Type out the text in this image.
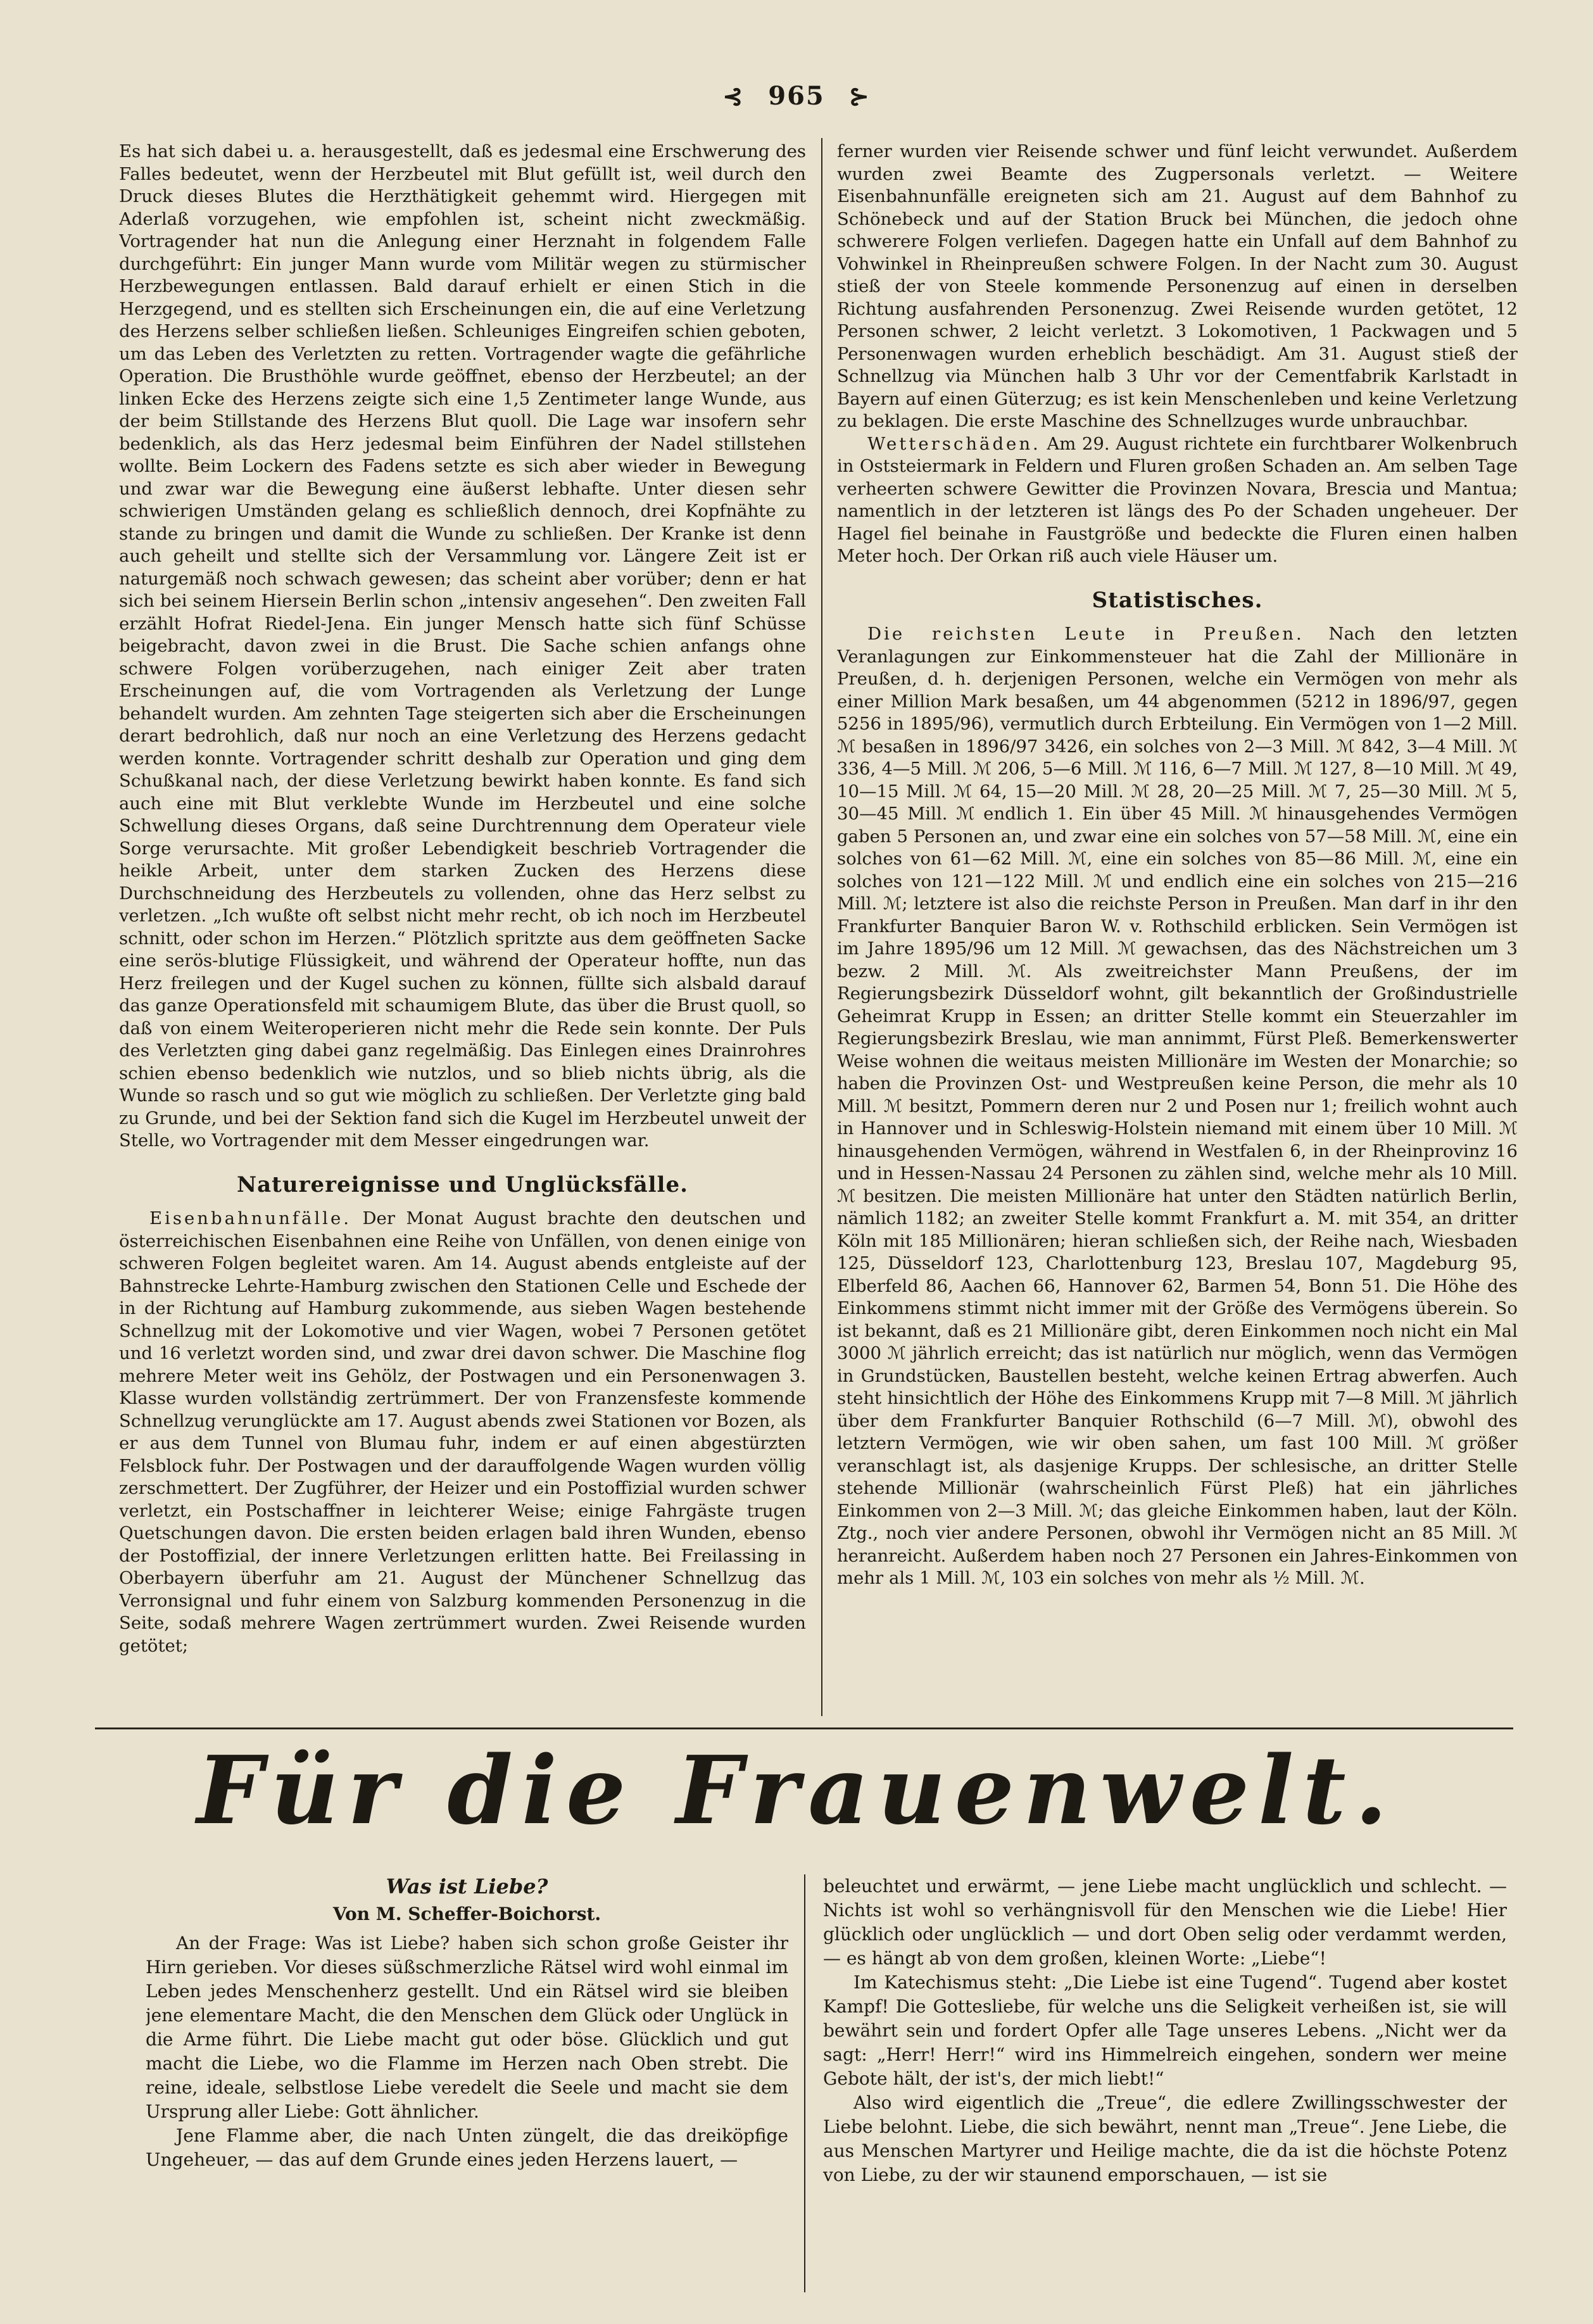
⊰ 965 ⊱

Es hat sich dabei u. a. herausgestellt, daß es jedesmal eine Erschwerung des Falles bedeutet, wenn der Herzbeutel mit Blut gefüllt ist, weil durch den Druck dieses Blutes die Herzthätigkeit gehemmt wird. Hiergegen mit Aderlaß vorzugehen, wie empfohlen ist, scheint nicht zweckmäßig. Vortragender hat nun die Anlegung einer Herznaht in folgendem Falle durchgeführt: Ein junger Mann wurde vom Militär wegen zu stürmischer Herzbewegungen entlassen. Bald darauf erhielt er einen Stich in die Herzgegend, und es stellten sich Erscheinungen ein, die auf eine Verletzung des Herzens selber schließen ließen. Schleuniges Eingreifen schien geboten, um das Leben des Verletzten zu retten. Vortragender wagte die gefährliche Operation. Die Brusthöhle wurde geöffnet, ebenso der Herzbeutel; an der linken Ecke des Herzens zeigte sich eine 1,5 Zentimeter lange Wunde, aus der beim Stillstande des Herzens Blut quoll. Die Lage war insofern sehr bedenklich, als das Herz jedesmal beim Einführen der Nadel stillstehen wollte. Beim Lockern des Fadens setzte es sich aber wieder in Bewegung und zwar war die Bewegung eine äußerst lebhafte. Unter diesen sehr schwierigen Umständen gelang es schließlich dennoch, drei Kopfnähte zu stande zu bringen und damit die Wunde zu schließen. Der Kranke ist denn auch geheilt und stellte sich der Versammlung vor. Längere Zeit ist er naturgemäß noch schwach gewesen; das scheint aber vorüber; denn er hat sich bei seinem Hiersein Berlin schon „intensiv angesehen“. Den zweiten Fall erzählt Hofrat Riedel-Jena. Ein junger Mensch hatte sich fünf Schüsse beigebracht, davon zwei in die Brust. Die Sache schien anfangs ohne schwere Folgen vorüberzugehen, nach einiger Zeit aber traten Erscheinungen auf, die vom Vortragenden als Verletzung der Lunge behandelt wurden. Am zehnten Tage steigerten sich aber die Erscheinungen derart bedrohlich, daß nur noch an eine Verletzung des Herzens gedacht werden konnte. Vortragender schritt deshalb zur Operation und ging dem Schußkanal nach, der diese Verletzung bewirkt haben konnte. Es fand sich auch eine mit Blut verklebte Wunde im Herzbeutel und eine solche Schwellung dieses Organs, daß seine Durchtrennung dem Operateur viele Sorge verursachte. Mit großer Lebendigkeit beschrieb Vortragender die heikle Arbeit, unter dem starken Zucken des Herzens diese Durchschneidung des Herzbeutels zu vollenden, ohne das Herz selbst zu verletzen. „Ich wußte oft selbst nicht mehr recht, ob ich noch im Herzbeutel schnitt, oder schon im Herzen.“ Plötzlich spritzte aus dem geöffneten Sacke eine serös-blutige Flüssigkeit, und während der Operateur hoffte, nun das Herz freilegen und der Kugel suchen zu können, füllte sich alsbald darauf das ganze Operationsfeld mit schaumigem Blute, das über die Brust quoll, so daß von einem Weiteroperieren nicht mehr die Rede sein konnte. Der Puls des Verletzten ging dabei ganz regelmäßig. Das Einlegen eines Drainrohres schien ebenso bedenklich wie nutzlos, und so blieb nichts übrig, als die Wunde so rasch und so gut wie möglich zu schließen. Der Verletzte ging bald zu Grunde, und bei der Sektion fand sich die Kugel im Herzbeutel unweit der Stelle, wo Vortragender mit dem Messer eingedrungen war.

Naturereignisse und Unglücksfälle.

Eisenbahnunfälle. Der Monat August brachte den deutschen und österreichischen Eisenbahnen eine Reihe von Unfällen, von denen einige von schweren Folgen begleitet waren. Am 14. August abends entgleiste auf der Bahnstrecke Lehrte-Hamburg zwischen den Stationen Celle und Eschede der in der Richtung auf Hamburg zukommende, aus sieben Wagen bestehende Schnellzug mit der Lokomotive und vier Wagen, wobei 7 Personen getötet und 16 verletzt worden sind, und zwar drei davon schwer. Die Maschine flog mehrere Meter weit ins Gehölz, der Postwagen und ein Personenwagen 3. Klasse wurden vollständig zertrümmert. Der von Franzensfeste kommende Schnellzug verunglückte am 17. August abends zwei Stationen vor Bozen, als er aus dem Tunnel von Blumau fuhr, indem er auf einen abgestürzten Felsblock fuhr. Der Postwagen und der darauffolgende Wagen wurden völlig zerschmettert. Der Zugführer, der Heizer und ein Postoffizial wurden schwer verletzt, ein Postschaffner in leichterer Weise; einige Fahrgäste trugen Quetschungen davon. Die ersten beiden erlagen bald ihren Wunden, ebenso der Postoffizial, der innere Verletzungen erlitten hatte. Bei Freilassing in Oberbayern überfuhr am 21. August der Münchener Schnellzug das Verronsignal und fuhr einem von Salzburg kommenden Personenzug in die Seite, sodaß mehrere Wagen zertrümmert wurden. Zwei Reisende wurden getötet;

ferner wurden vier Reisende schwer und fünf leicht verwundet. Außerdem wurden zwei Beamte des Zugpersonals verletzt. — Weitere Eisenbahnunfälle ereigneten sich am 21. August auf dem Bahnhof zu Schönebeck und auf der Station Bruck bei München, die jedoch ohne schwerere Folgen verliefen. Dagegen hatte ein Unfall auf dem Bahnhof zu Vohwinkel in Rheinpreußen schwere Folgen. In der Nacht zum 30. August stieß der von Steele kommende Personenzug auf einen in derselben Richtung ausfahrenden Personenzug. Zwei Reisende wurden getötet, 12 Personen schwer, 2 leicht verletzt. 3 Lokomotiven, 1 Packwagen und 5 Personenwagen wurden erheblich beschädigt. Am 31. August stieß der Schnellzug via München halb 3 Uhr vor der Cementfabrik Karlstadt in Bayern auf einen Güterzug; es ist kein Menschenleben und keine Verletzung zu beklagen. Die erste Maschine des Schnellzuges wurde unbrauchbar.

Wetterschäden. Am 29. August richtete ein furchtbarer Wolkenbruch in Oststeiermark in Feldern und Fluren großen Schaden an. Am selben Tage verheerten schwere Gewitter die Provinzen Novara, Brescia und Mantua; namentlich in der letzteren ist längs des Po der Schaden ungeheuer. Der Hagel fiel beinahe in Faustgröße und bedeckte die Fluren einen halben Meter hoch. Der Orkan riß auch viele Häuser um.

Statistisches.

Die reichsten Leute in Preußen. Nach den letzten Veranlagungen zur Einkommensteuer hat die Zahl der Millionäre in Preußen, d. h. derjenigen Personen, welche ein Vermögen von mehr als einer Million Mark besaßen, um 44 abgenommen (5212 in 1896/97, gegen 5256 in 1895/96), vermutlich durch Erbteilung. Ein Vermögen von 1—2 Mill. ℳ besaßen in 1896/97 3426, ein solches von 2—3 Mill. ℳ 842, 3—4 Mill. ℳ 336, 4—5 Mill. ℳ 206, 5—6 Mill. ℳ 116, 6—7 Mill. ℳ 127, 8—10 Mill. ℳ 49, 10—15 Mill. ℳ 64, 15—20 Mill. ℳ 28, 20—25 Mill. ℳ 7, 25—30 Mill. ℳ 5, 30—45 Mill. ℳ endlich 1. Ein über 45 Mill. ℳ hinausgehendes Vermögen gaben 5 Personen an, und zwar eine ein solches von 57—58 Mill. ℳ, eine ein solches von 61—62 Mill. ℳ, eine ein solches von 85—86 Mill. ℳ, eine ein solches von 121—122 Mill. ℳ und endlich eine ein solches von 215—216 Mill. ℳ; letztere ist also die reichste Person in Preußen. Man darf in ihr den Frankfurter Banquier Baron W. v. Rothschild erblicken. Sein Vermögen ist im Jahre 1895/96 um 12 Mill. ℳ gewachsen, das des Nächstreichen um 3 bezw. 2 Mill. ℳ. Als zweitreichster Mann Preußens, der im Regierungsbezirk Düsseldorf wohnt, gilt bekanntlich der Großindustrielle Geheimrat Krupp in Essen; an dritter Stelle kommt ein Steuerzahler im Regierungsbezirk Breslau, wie man annimmt, Fürst Pleß. Bemerkenswerter Weise wohnen die weitaus meisten Millionäre im Westen der Monarchie; so haben die Provinzen Ost- und Westpreußen keine Person, die mehr als 10 Mill. ℳ besitzt, Pommern deren nur 2 und Posen nur 1; freilich wohnt auch in Hannover und in Schleswig-Holstein niemand mit einem über 10 Mill. ℳ hinausgehenden Vermögen, während in Westfalen 6, in der Rheinprovinz 16 und in Hessen-Nassau 24 Personen zu zählen sind, welche mehr als 10 Mill. ℳ besitzen. Die meisten Millionäre hat unter den Städten natürlich Berlin, nämlich 1182; an zweiter Stelle kommt Frankfurt a. M. mit 354, an dritter Köln mit 185 Millionären; hieran schließen sich, der Reihe nach, Wiesbaden 125, Düsseldorf 123, Charlottenburg 123, Breslau 107, Magdeburg 95, Elberfeld 86, Aachen 66, Hannover 62, Barmen 54, Bonn 51. Die Höhe des Einkommens stimmt nicht immer mit der Größe des Vermögens überein. So ist bekannt, daß es 21 Millionäre gibt, deren Einkommen noch nicht ein Mal 3000 ℳ jährlich erreicht; das ist natürlich nur möglich, wenn das Vermögen in Grundstücken, Baustellen besteht, welche keinen Ertrag abwerfen. Auch steht hinsichtlich der Höhe des Einkommens Krupp mit 7—8 Mill. ℳ jährlich über dem Frankfurter Banquier Rothschild (6—7 Mill. ℳ), obwohl des letztern Vermögen, wie wir oben sahen, um fast 100 Mill. ℳ größer veranschlagt ist, als dasjenige Krupps. Der schlesische, an dritter Stelle stehende Millionär (wahrscheinlich Fürst Pleß) hat ein jährliches Einkommen von 2—3 Mill. ℳ; das gleiche Einkommen haben, laut der Köln. Ztg., noch vier andere Personen, obwohl ihr Vermögen nicht an 85 Mill. ℳ heranreicht. Außerdem haben noch 27 Personen ein Jahres-Einkommen von mehr als 1 Mill. ℳ, 103 ein solches von mehr als ½ Mill. ℳ.

Für die Frauenwelt.
Was ist Liebe?
Von M. Scheffer-Boichorst.

An der Frage: Was ist Liebe? haben sich schon große Geister ihr Hirn gerieben. Vor dieses süßschmerzliche Rätsel wird wohl einmal im Leben jedes Menschenherz gestellt. Und ein Rätsel wird sie bleiben jene elementare Macht, die den Menschen dem Glück oder Unglück in die Arme führt. Die Liebe macht gut oder böse. Glücklich und gut macht die Liebe, wo die Flamme im Herzen nach Oben strebt. Die reine, ideale, selbstlose Liebe veredelt die Seele und macht sie dem Ursprung aller Liebe: Gott ähnlicher.

Jene Flamme aber, die nach Unten züngelt, die das dreiköpfige Ungeheuer, — das auf dem Grunde eines jeden Herzens lauert, —

beleuchtet und erwärmt, — jene Liebe macht unglücklich und schlecht. — Nichts ist wohl so verhängnisvoll für den Menschen wie die Liebe! Hier glücklich oder unglücklich — und dort Oben selig oder verdammt werden, — es hängt ab von dem großen, kleinen Worte: „Liebe“!

Im Katechismus steht: „Die Liebe ist eine Tugend“. Tugend aber kostet Kampf! Die Gottesliebe, für welche uns die Seligkeit verheißen ist, sie will bewährt sein und fordert Opfer alle Tage unseres Lebens. „Nicht wer da sagt: „Herr! Herr!“ wird ins Himmelreich eingehen, sondern wer meine Gebote hält, der ist's, der mich liebt!“

Also wird eigentlich die „Treue“, die edlere Zwillingsschwester der Liebe belohnt. Liebe, die sich bewährt, nennt man „Treue“. Jene Liebe, die aus Menschen Martyrer und Heilige machte, die da ist die höchste Potenz von Liebe, zu der wir staunend emporschauen, — ist sie
